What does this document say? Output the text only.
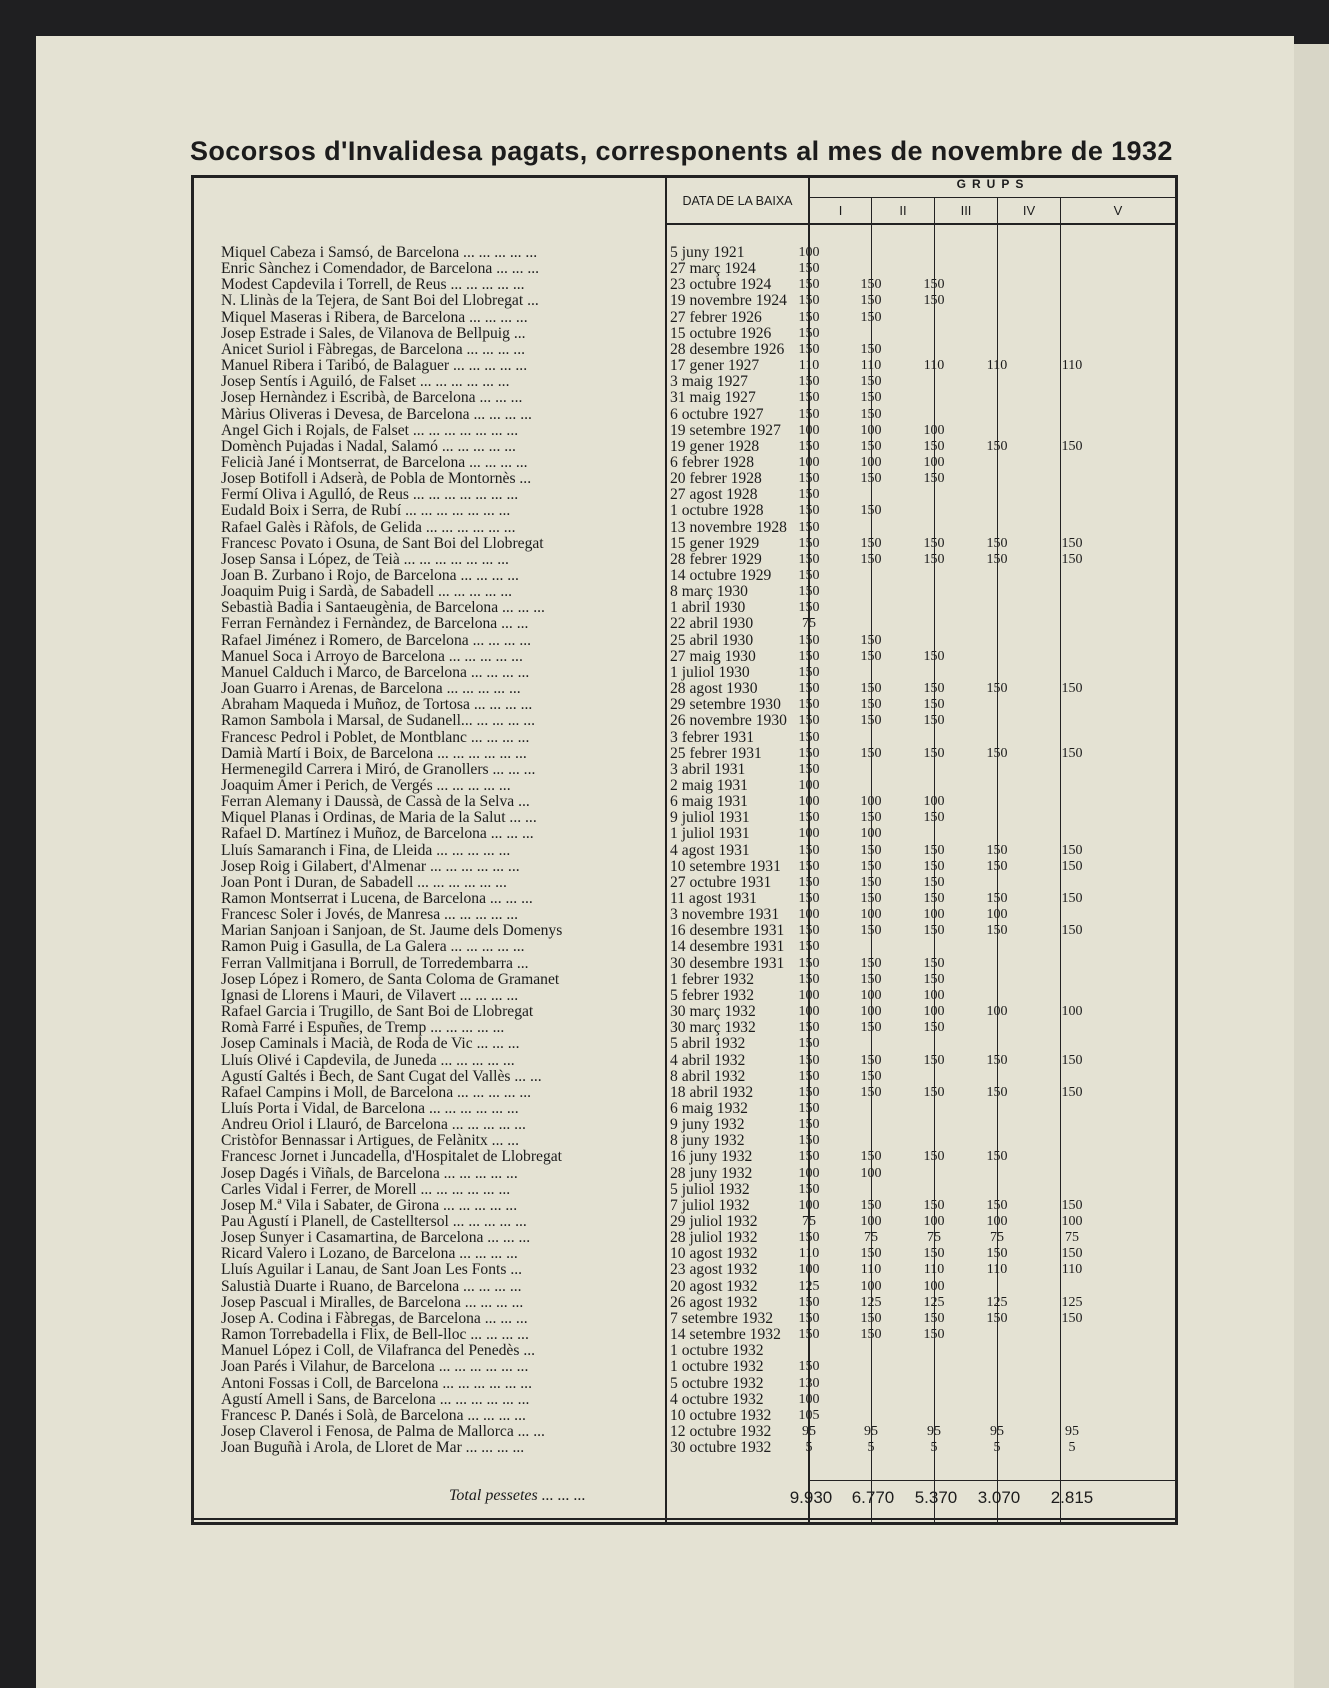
Socorsos d'Invalidesa pagats, corresponents al mes de novembre de 1932
DATA DE LA BAIXA
GRUPS
I	II	III	IV	V
Miquel Cabeza i Samsó, de Barcelona ... ... ... ... ...	5 juny 1921	100
Enric Sànchez i Comendador, de Barcelona ... ... ...	27 març 1924	150
Modest Capdevila i Torrell, de Reus ... ... ... ... ...	23 octubre 1924	150	150	150
N. Llinàs de la Tejera, de Sant Boi del Llobregat ...	19 novembre 1924 150	150	150
Miquel Maseras i Ribera, de Barcelona ... ... ... ...	27 febrer 1926	150	150
Josep Estrade i Sales, de Vilanova de Bellpuig ...	15 octubre 1926	150
Anicet Suriol i Fàbregas, de Barcelona ... ... ... ...	28 desembre 1926	150	150
Manuel Ribera i Taribó, de Balaguer ... ... ... ... ...	17 gener 1927	110	110	110	110	110
Josep Sentís i Aguiló, de Falset ... ... ... ... ... ...	3 maig 1927	150	150
Josep Hernàndez i Escribà, de Barcelona ... ... ...	31 maig 1927	150	150
Màrius Oliveras i Devesa, de Barcelona ... ... ... ...	6 octubre 1927	150	150
Angel Gich i Rojals, de Falset ... ... ... ... ... ... ...	19 setembre 1927	100	100	100
Domènch Pujadas i Nadal, Salamó ... ... ... ... ...	19 gener 1928	150	150	150	150	150
Felicià Jané i Montserrat, de Barcelona ... ... ... ...	6 febrer 1928	100	100	100
Josep Botifoll i Adserà, de Pobla de Montornès ...	20 febrer 1928	150	150	150
Fermí Oliva i Agulló, de Reus ... ... ... ... ... ... ...	27 agost 1928	150
Eudald Boix i Serra, de Rubí ... ... ... ... ... ... ...	1 octubre 1928	150	150
Rafael Galès i Ràfols, de Gelida ... ... ... ... ... ...	13 novembre 1928 150
Francesc Povato i Osuna, de Sant Boi del Llobregat	15 gener 1929	150	150	150	150	150
Josep Sansa i López, de Teià ... ... ... ... ... ... ...	28 febrer 1929	150	150	150	150	150
Joan B. Zurbano i Rojo, de Barcelona ... ... ... ...	14 octubre 1929	150
Joaquim Puig i Sardà, de Sabadell ... ... ... ... ...	8 març 1930	150
Sebastià Badia i Santaeugènia, de Barcelona ... ... ...	1 abril 1930	150
Ferran Fernàndez i Fernàndez, de Barcelona ... ...	22 abril 1930	75
Rafael Jiménez i Romero, de Barcelona ... ... ... ...	25 abril 1930	150	150
Manuel Soca i Arroyo de Barcelona ... ... ... ... ...	27 maig 1930	150	150	150
Manuel Calduch i Marco, de Barcelona ... ... ... ...	1 juliol 1930	150
Joan Guarro i Arenas, de Barcelona ... ... ... ... ...	28 agost 1930	150	150	150	150	150
Abraham Maqueda i Muñoz, de Tortosa ... ... ... ...	29 setembre 1930	150	150	150
Ramon Sambola i Marsal, de Sudanell... ... ... ... ...	26 novembre 1930 150	150	150
Francesc Pedrol i Poblet, de Montblanc ... ... ... ...	3 febrer 1931	150
Damià Martí i Boix, de Barcelona ... ... ... ... ... ...	25 febrer 1931	150	150	150	150	150
Hermenegild Carrera i Miró, de Granollers ... ... ...	3 abril 1931	150
Joaquim Amer i Perich, de Vergés ... ... ... ... ...	2 maig 1931	100
Ferran Alemany i Daussà, de Cassà de la Selva ...	6 maig 1931	100	100	100
Miquel Planas i Ordinas, de Maria de la Salut ... ...	9 juliol 1931	150	150	150
Rafael D. Martínez i Muñoz, de Barcelona ... ... ...	1 juliol 1931	100	100
Lluís Samaranch i Fina, de Lleida ... ... ... ... ...	4 agost 1931	150	150	150	150	150
Josep Roig i Gilabert, d'Almenar ... ... ... ... ... ...	10 setembre 1931	150	150	150	150	150
Joan Pont i Duran, de Sabadell ... ... ... ... ... ...	27 octubre 1931	150	150	150
Ramon Montserrat i Lucena, de Barcelona ... ... ...	11 agost 1931	150	150	150	150	150
Francesc Soler i Jovés, de Manresa ... ... ... ... ...	3 novembre 1931	100	100	100	100
Marian Sanjoan i Sanjoan, de St. Jaume dels Domenys	16 desembre 1931	150	150	150	150	150
Ramon Puig i Gasulla, de La Galera ... ... ... ... ...	14 desembre 1931	150
Ferran Vallmitjana i Borrull, de Torredembarra ...	30 desembre 1931	150	150	150
Josep López i Romero, de Santa Coloma de Gramanet	1 febrer 1932	150	150	150
Ignasi de Llorens i Mauri, de Vilavert ... ... ... ...	5 febrer 1932	100	100	100
Rafael Garcia i Trugillo, de Sant Boi de Llobregat	30 març 1932	100	100	100	100	100
Romà Farré i Espuñes, de Tremp ... ... ... ... ...	30 març 1932	150	150	150
Josep Caminals i Macià, de Roda de Vic ... ... ...	5 abril 1932	150
Lluís Olivé i Capdevila, de Juneda ... ... ... ... ...	4 abril 1932	150	150	150	150	150
Agustí Galtés i Bech, de Sant Cugat del Vallès ... ...	8 abril 1932	150	150
Rafael Campins i Moll, de Barcelona ... ... ... ... ...	18 abril 1932	150	150	150	150	150
Lluís Porta i Vidal, de Barcelona ... ... ... ... ... ...	6 maig 1932	150
Andreu Oriol i Llauró, de Barcelona ... ... ... ... ...	9 juny 1932	150
Cristòfor Bennassar i Artigues, de Felànitx ... ...	8 juny 1932	150
Francesc Jornet i Juncadella, d'Hospitalet de Llobregat	16 juny 1932	150	150	150	150
Josep Dagés i Viñals, de Barcelona ... ... ... ... ...	28 juny 1932	100	100
Carles Vidal i Ferrer, de Morell ... ... ... ... ... ...	5 juliol 1932	150
Josep M.ª Vila i Sabater, de Girona ... ... ... ... ...	7 juliol 1932	100	150	150	150	150
Pau Agustí i Planell, de Castelltersol ... ... ... ... ...	29 juliol 1932	75	100	100	100	100
Josep Sunyer i Casamartina, de Barcelona ... ... ...	28 juliol 1932	150	75	75	75	75
Ricard Valero i Lozano, de Barcelona ... ... ... ...	10 agost 1932	110	150	150	150	150
Lluís Aguilar i Lanau, de Sant Joan Les Fonts ...	23 agost 1932	100	110	110	110	110
Salustià Duarte i Ruano, de Barcelona ... ... ... ...	20 agost 1932	125	100	100
Josep Pascual i Miralles, de Barcelona ... ... ... ...	26 agost 1932	150	125	125	125	125
Josep A. Codina i Fàbregas, de Barcelona ... ... ...	7 setembre 1932	150	150	150	150	150
Ramon Torrebadella i Flix, de Bell-lloc ... ... ... ...	14 setembre 1932	150	150	150
Manuel López i Coll, de Vilafranca del Penedès ...	1 octubre 1932
Joan Parés i Vilahur, de Barcelona ... ... ... ... ... ...	1 octubre 1932	150
Antoni Fossas i Coll, de Barcelona ... ... ... ... ... ...	5 octubre 1932	130
Agustí Amell i Sans, de Barcelona ... ... ... ... ... ...	4 octubre 1932	100
Francesc P. Danés i Solà, de Barcelona ... ... ... ...	10 octubre 1932	105
Josep Claverol i Fenosa, de Palma de Mallorca ... ...	12 octubre 1932	95	95	95	95	95
Joan Buguñà i Arola, de Lloret de Mar ... ... ... ...	30 octubre 1932	5	5	5	5	5
Total pessetes ... ... ...	9.930	6.770	5.370	3.070	2.815
